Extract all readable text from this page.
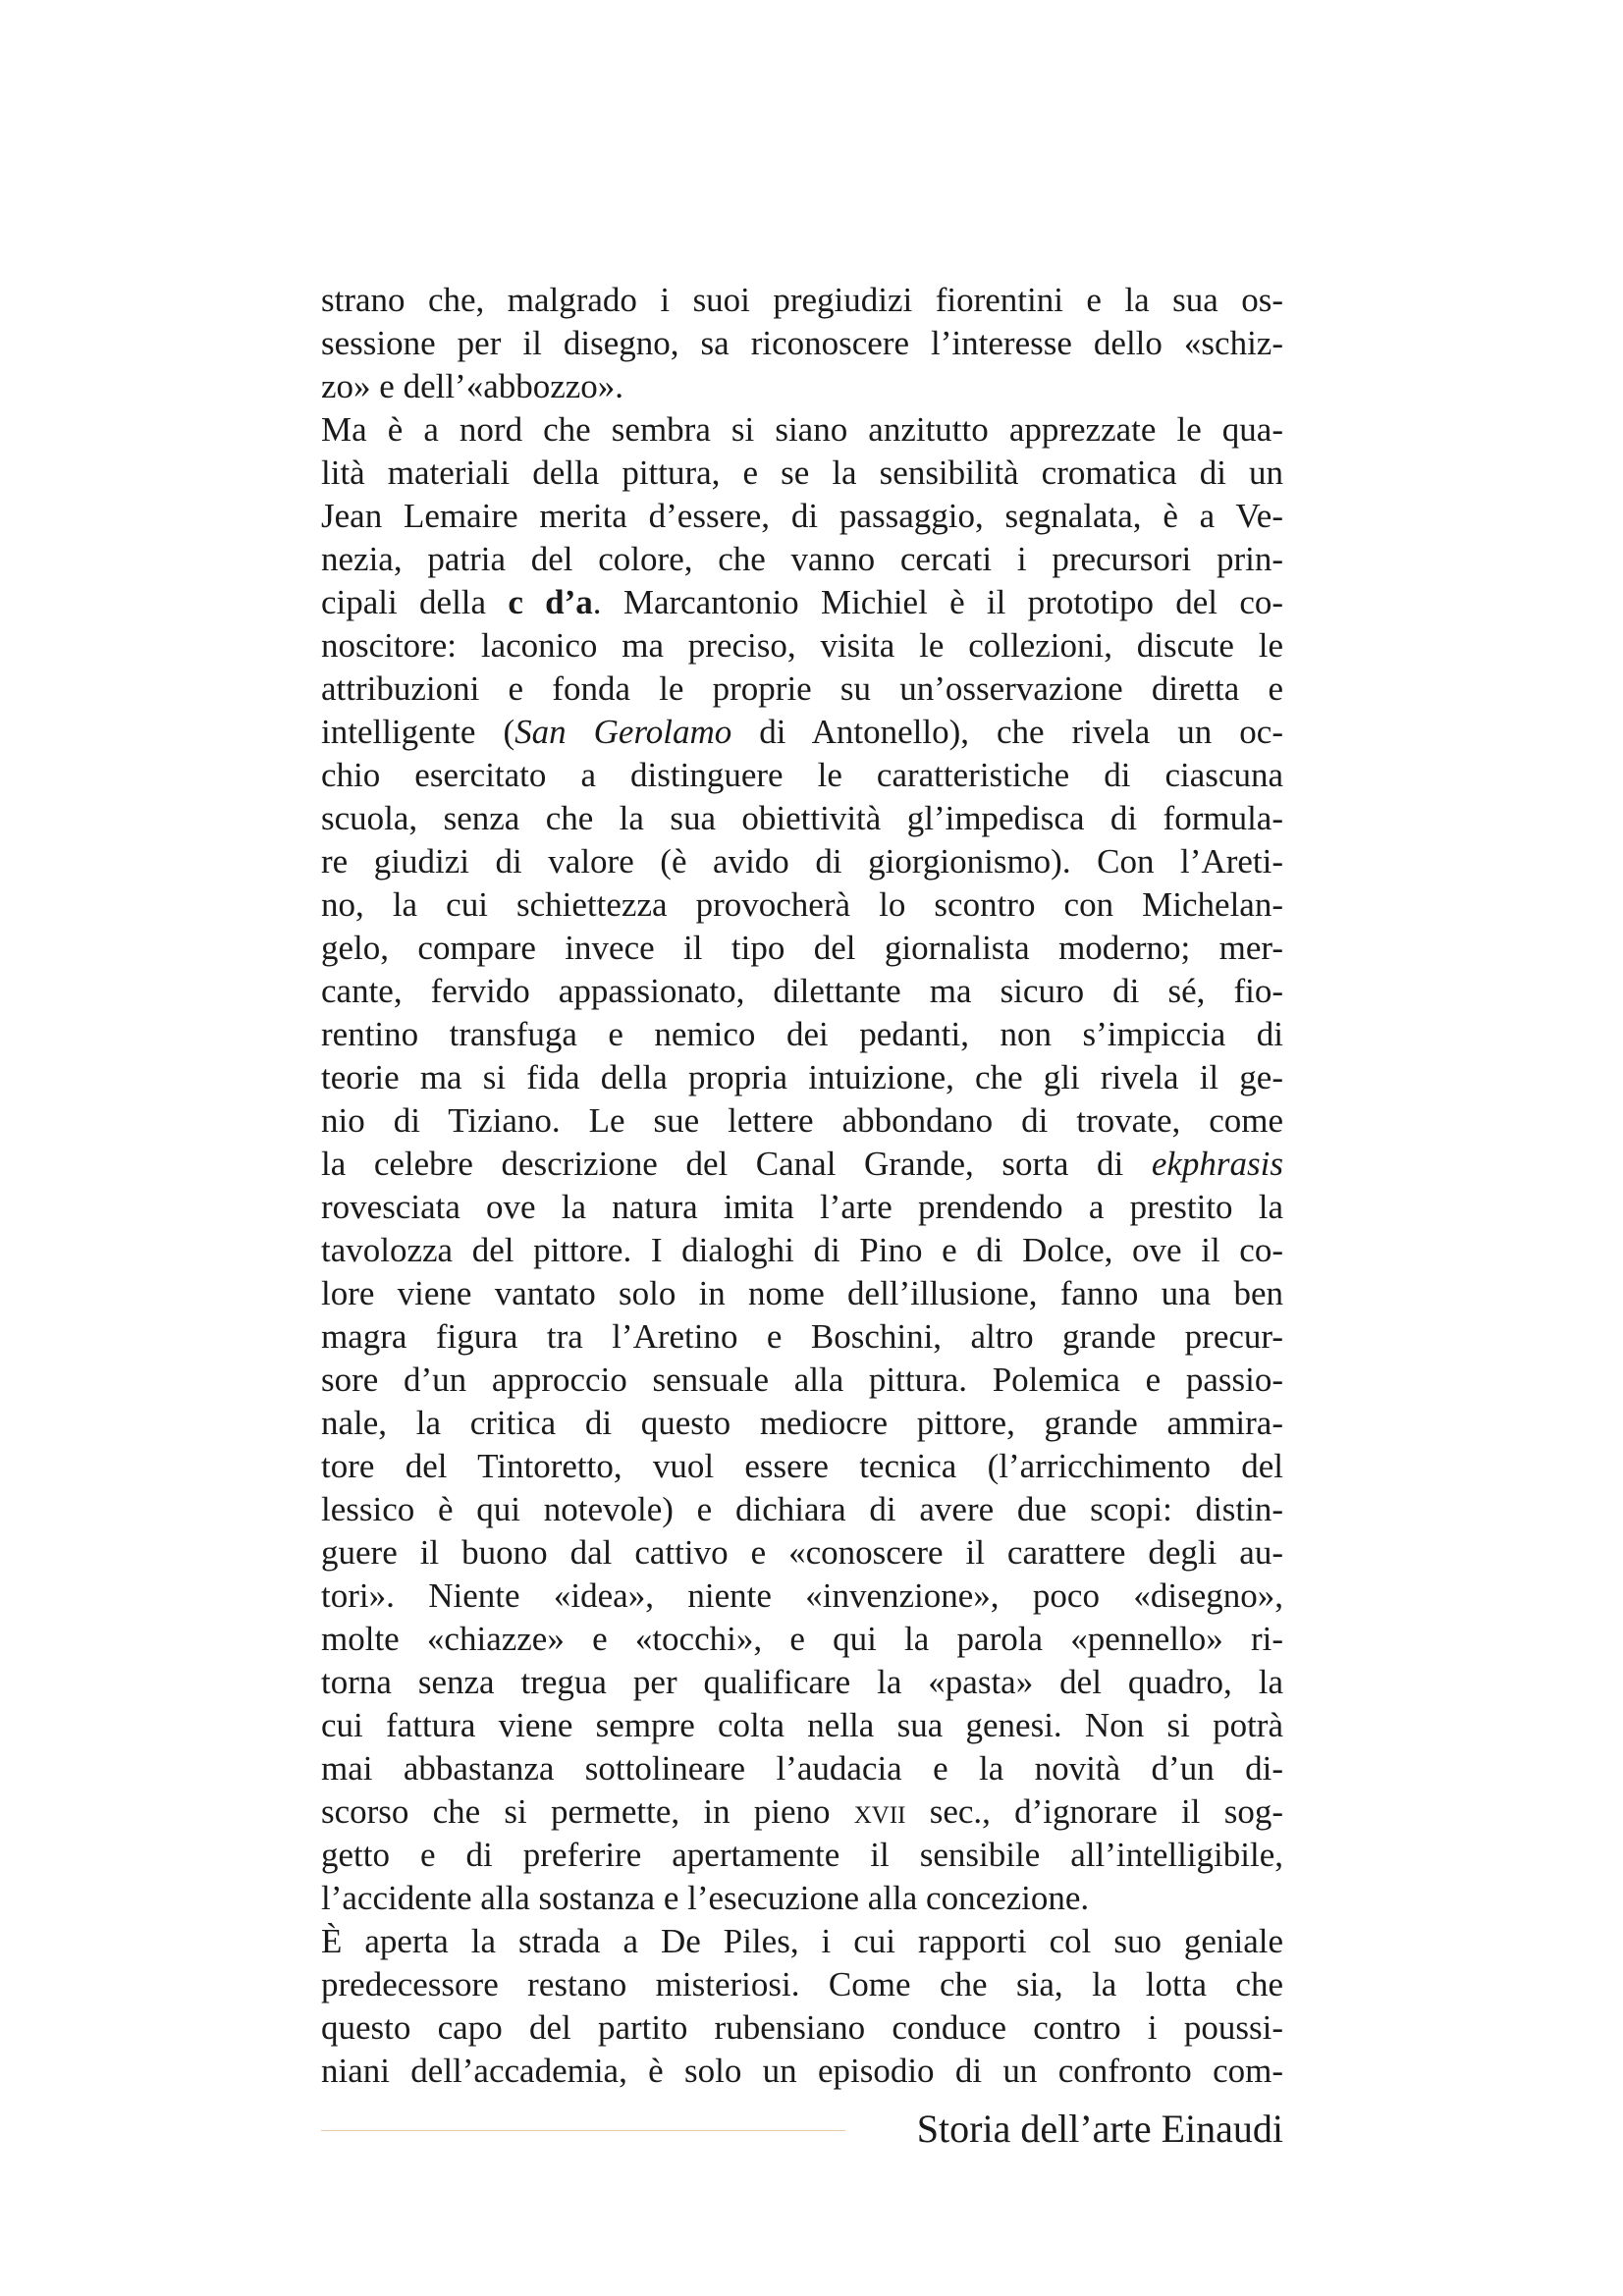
strano che, malgrado i suoi pregiudizi fiorentini e la sua os-
sessione per il disegno, sa riconoscere l’interesse dello «schiz-
zo» e dell’«abbozzo».
Ma è a nord che sembra si siano anzitutto apprezzate le qua-
lità materiali della pittura, e se la sensibilità cromatica di un
Jean Lemaire merita d’essere, di passaggio, segnalata, è a Ve-
nezia, patria del colore, che vanno cercati i precursori prin-
cipali della c d’a. Marcantonio Michiel è il prototipo del co-
noscitore: laconico ma preciso, visita le collezioni, discute le
attribuzioni e fonda le proprie su un’osservazione diretta e
intelligente (San Gerolamo di Antonello), che rivela un oc-
chio esercitato a distinguere le caratteristiche di ciascuna
scuola, senza che la sua obiettività gl’impedisca di formula-
re giudizi di valore (è avido di giorgionismo). Con l’Areti-
no, la cui schiettezza provocherà lo scontro con Michelan-
gelo, compare invece il tipo del giornalista moderno; mer-
cante, fervido appassionato, dilettante ma sicuro di sé, fio-
rentino transfuga e nemico dei pedanti, non s’impiccia di
teorie ma si fida della propria intuizione, che gli rivela il ge-
nio di Tiziano. Le sue lettere abbondano di trovate, come
la celebre descrizione del Canal Grande, sorta di ekphrasis
rovesciata ove la natura imita l’arte prendendo a prestito la
tavolozza del pittore. I dialoghi di Pino e di Dolce, ove il co-
lore viene vantato solo in nome dell’illusione, fanno una ben
magra figura tra l’Aretino e Boschini, altro grande precur-
sore d’un approccio sensuale alla pittura. Polemica e passio-
nale, la critica di questo mediocre pittore, grande ammira-
tore del Tintoretto, vuol essere tecnica (l’arricchimento del
lessico è qui notevole) e dichiara di avere due scopi: distin-
guere il buono dal cattivo e «conoscere il carattere degli au-
tori». Niente «idea», niente «invenzione», poco «disegno»,
molte «chiazze» e «tocchi», e qui la parola «pennello» ri-
torna senza tregua per qualificare la «pasta» del quadro, la
cui fattura viene sempre colta nella sua genesi. Non si potrà
mai abbastanza sottolineare l’audacia e la novità d’un di-
scorso che si permette, in pieno xvii sec., d’ignorare il sog-
getto e di preferire apertamente il sensibile all’intelligibile,
l’accidente alla sostanza e l’esecuzione alla concezione.
È aperta la strada a De Piles, i cui rapporti col suo geniale
predecessore restano misteriosi. Come che sia, la lotta che
questo capo del partito rubensiano conduce contro i poussi-
niani dell’accademia, è solo un episodio di un confronto com-
Storia dell’arte Einaudi
